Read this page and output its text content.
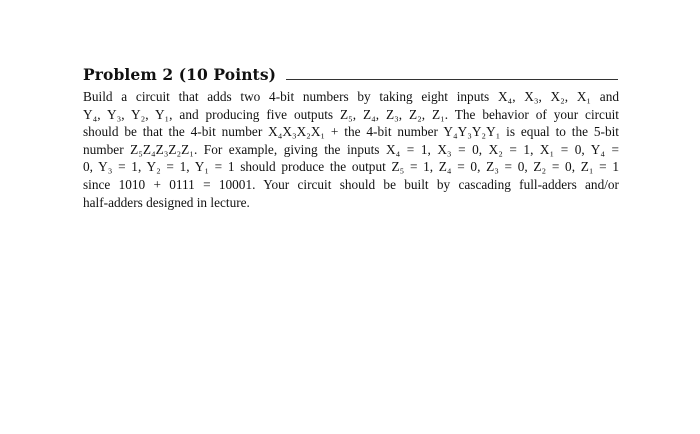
Problem 2 (10 Points)
Build a circuit that adds two 4-bit numbers by taking eight inputs X₄, X₃, X₂, X₁ and
Y₄, Y₃, Y₂, Y₁, and producing five outputs Z₅, Z₄, Z₃, Z₂, Z₁. The behavior of your circuit
should be that the 4-bit number X₄X₃X₂X₁ + the 4-bit number Y₄Y₃Y₂Y₁ is equal to the 5-bit
number Z₅Z₄Z₃Z₂Z₁. For example, giving the inputs X₄ = 1, X₃ = 0, X₂ = 1, X₁ = 0, Y₄ =
0, Y₃ = 1, Y₂ = 1, Y₁ = 1 should produce the output Z₅ = 1, Z₄ = 0, Z₃ = 0, Z₂ = 0, Z₁ = 1
since 1010 + 0111 = 10001. Your circuit should be built by cascading full-adders and/or
half-adders designed in lecture.
